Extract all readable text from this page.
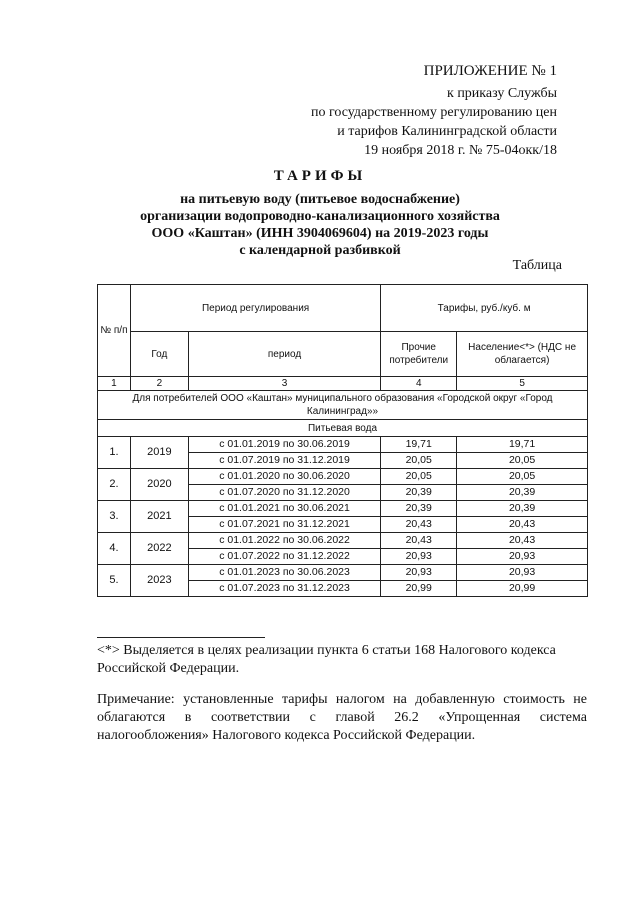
ПРИЛОЖЕНИЕ № 1
к приказу Службы
по государственному регулированию цен
и тарифов Калининградской области
19 ноября 2018 г. № 75-04окк/18
ТАРИФЫ
на питьевую воду (питьевое водоснабжение)
организации водопроводно-канализационного хозяйства
ООО «Каштан» (ИНН 3904069604) на 2019-2023 годы
с календарной разбивкой
Таблица
№ п/п	Период регулирования		Тарифы, руб./куб. м	
	Год	период	Прочие потребители	Население<*> (НДС не облагается)
1	2	3	4	5
Для потребителей ООО «Каштан» муниципального образования «Городской округ «Город Калининград»»				
Питьевая вода				
1.	2019	с 01.01.2019 по 30.06.2019	19,71	19,71
		с 01.07.2019 по 31.12.2019	20,05	20,05
2.	2020	с 01.01.2020 по 30.06.2020	20,05	20,05
		с 01.07.2020 по 31.12.2020	20,39	20,39
3.	2021	с 01.01.2021 по 30.06.2021	20,39	20,39
		с 01.07.2021 по 31.12.2021	20,43	20,43
4.	2022	с 01.01.2022 по 30.06.2022	20,43	20,43
		с 01.07.2022 по 31.12.2022	20,93	20,93
5.	2023	с 01.01.2023 по 30.06.2023	20,93	20,93
		с 01.07.2023 по 31.12.2023	20,99	20,99
<*> Выделяется в целях реализации пункта 6 статьи 168 Налогового кодекса Российской Федерации.
Примечание: установленные тарифы налогом на добавленную стоимость не облагаются в соответствии с главой 26.2 «Упрощенная система налогообложения» Налогового кодекса Российской Федерации.
